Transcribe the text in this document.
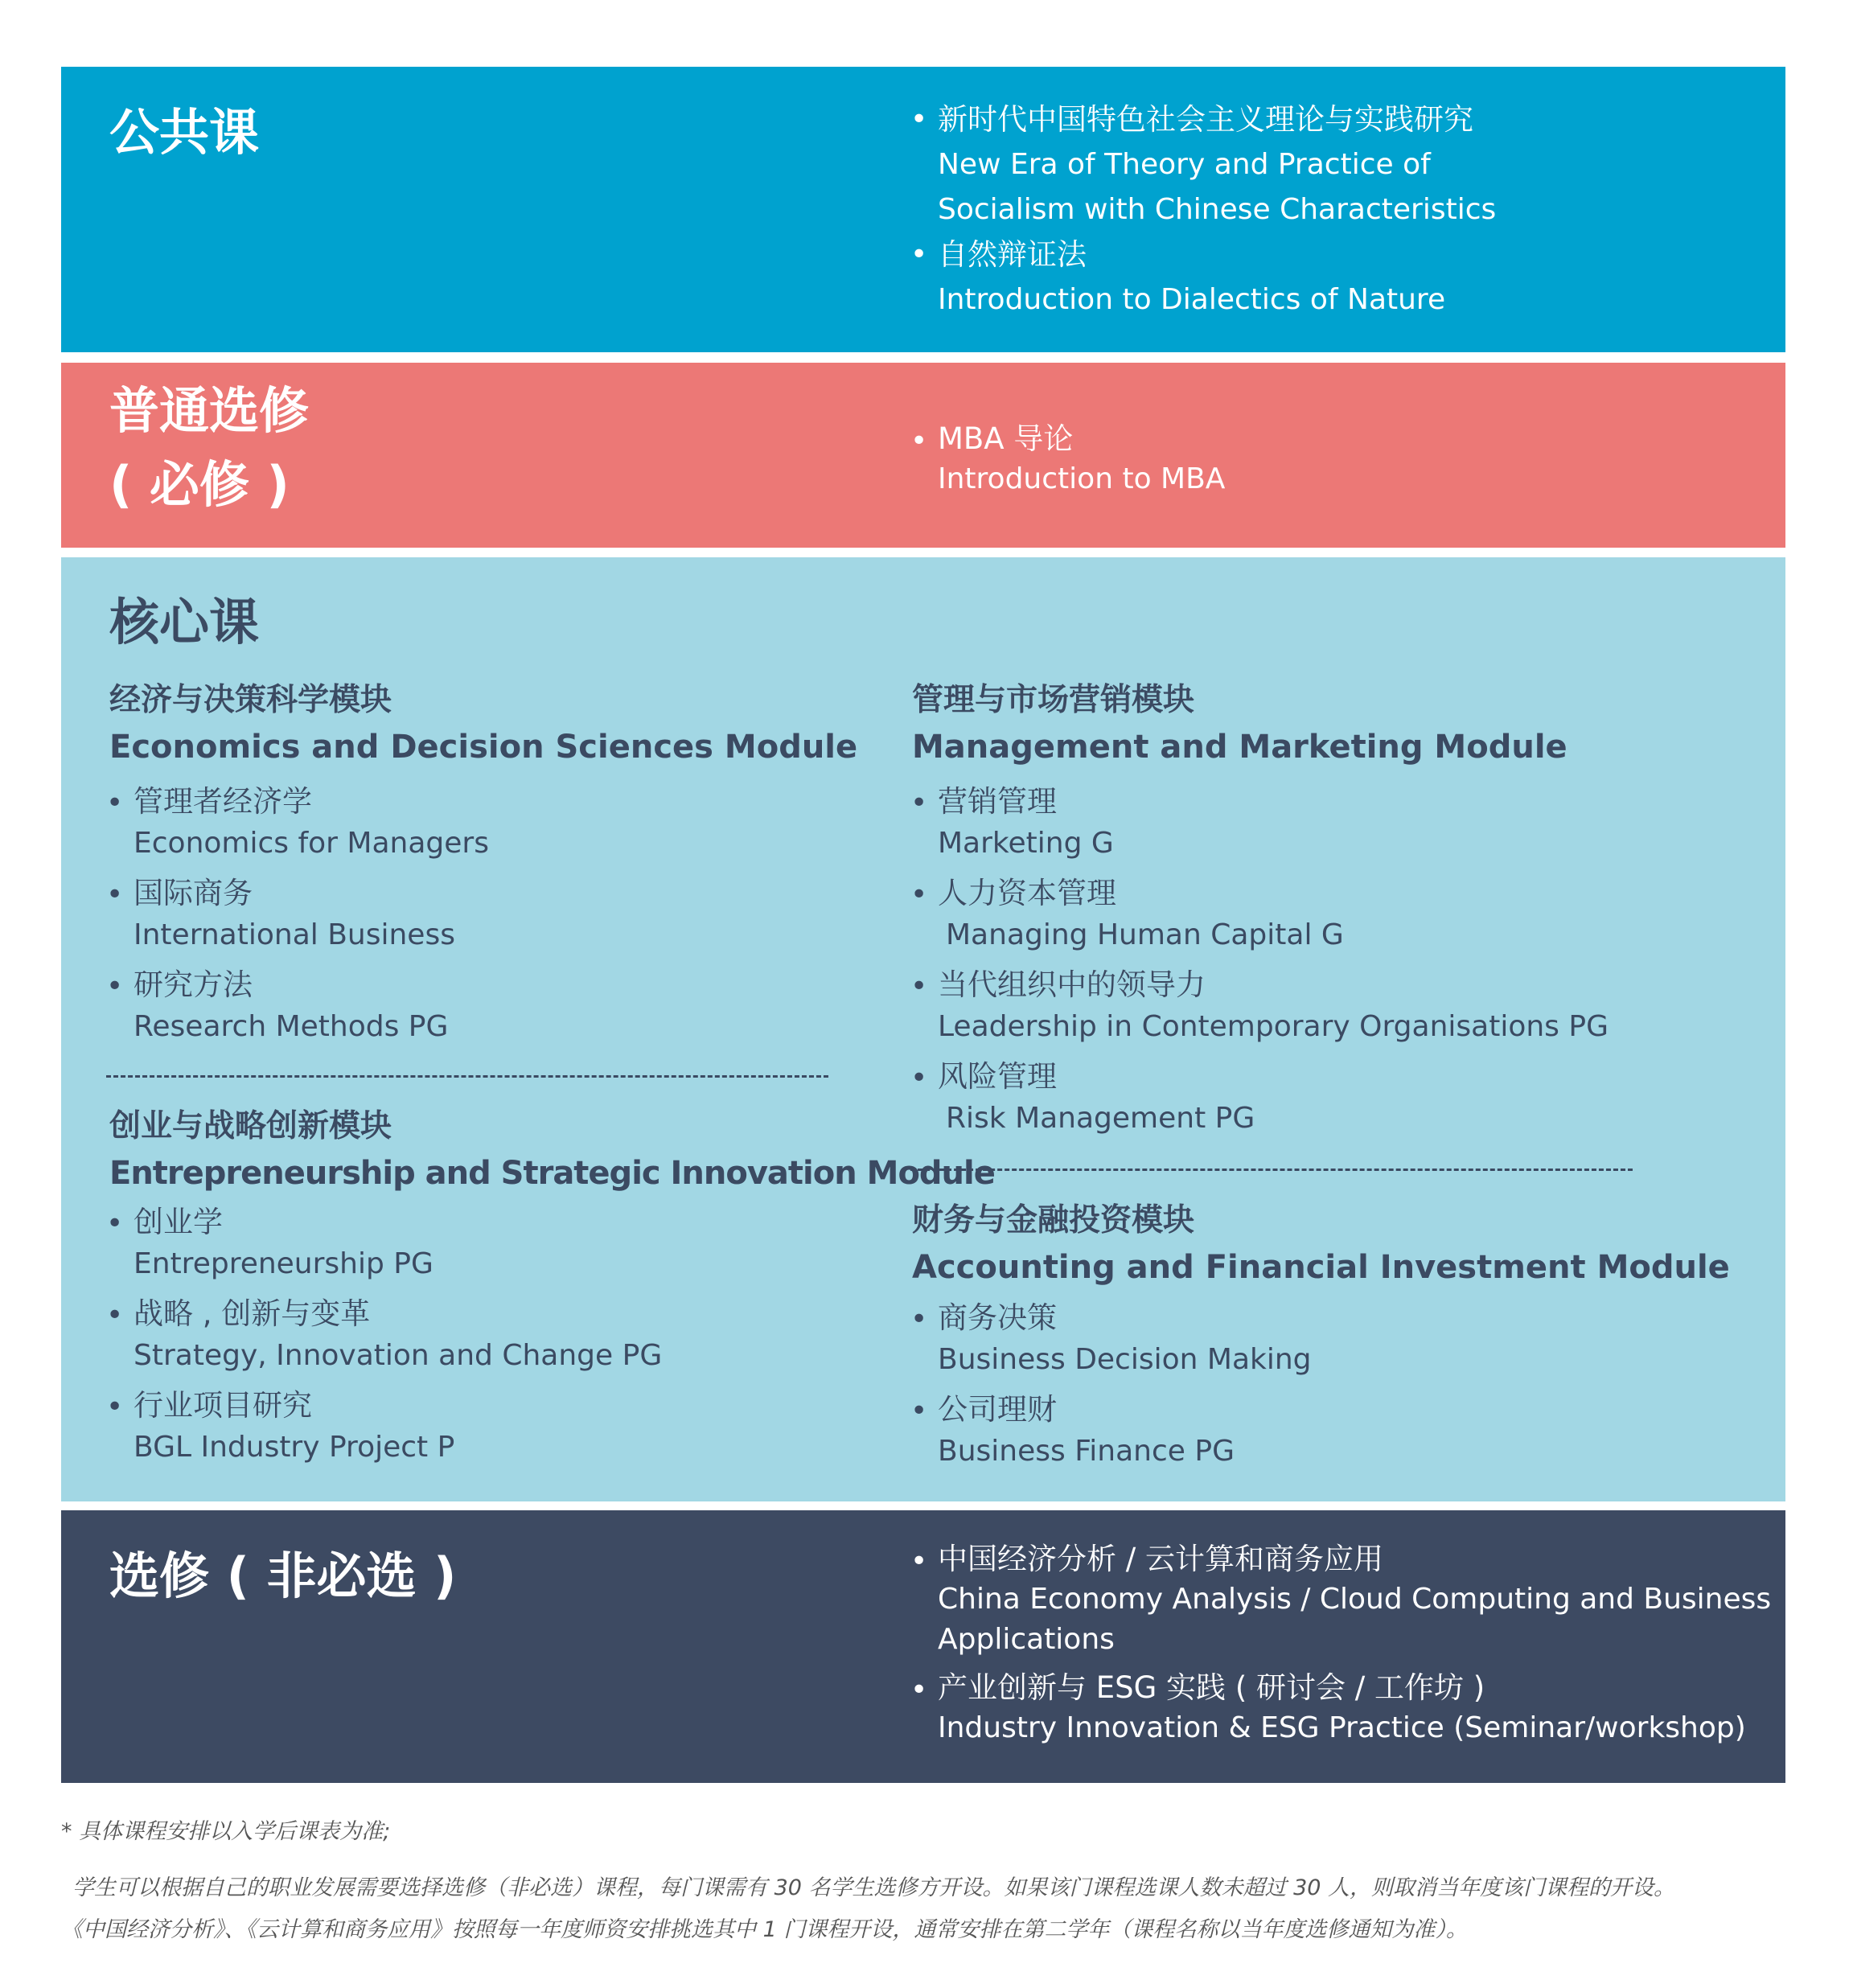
公共课	• 新时代中国特色社会主义理论与实践研究
New Era of Theory and Practice of
Socialism with Chinese Characteristics
• 自然辩证法
Introduction to Dialectics of Nature
普通选修
( 必修 )
• MBA 导论
Introduction to MBA
核心课
经济与决策科学模块
Economics and Decision Sciences Module
• 管理者经济学
Economics for Managers
• 国际商务
International Business
• 研究方法
Research Methods PG
创业与战略创新模块
Entrepreneurship and Strategic Innovation Module
• 创业学
Entrepreneurship PG
• 战略 , 创新与变革
Strategy, Innovation and Change PG
• 行业项目研究
BGL Industry Project P
管理与市场营销模块
Management and Marketing Module
• 营销管理
Marketing G
• 人力资本管理
Managing Human Capital G
• 当代组织中的领导力
Leadership in Contemporary Organisations PG
• 风险管理
Risk Management PG
财务与金融投资模块
Accounting and Financial Investment Module
• 商务决策
Business Decision Making
• 公司理财
Business Finance PG
选修 ( 非必选 )	• 中国经济分析 / 云计算和商务应用
China Economy Analysis / Cloud Computing and Business
Applications
• 产业创新与 ESG 实践 ( 研讨会 / 工作坊 )
Industry Innovation & ESG Practice (Seminar/workshop)

* 具体课程安排以入学后课表为准;

学生可以根据自己的职业发展需要选择选修（非必选）课程，每门课需有 30 名学生选修方开设。如果该门课程选课人数未超过 30 人，则取消当年度该门课程的开设。

《中国经济分析》、《云计算和商务应用》按照每一年度师资安排挑选其中 1 门课程开设，通常安排在第二学年（课程名称以当年度选修通知为准）。
